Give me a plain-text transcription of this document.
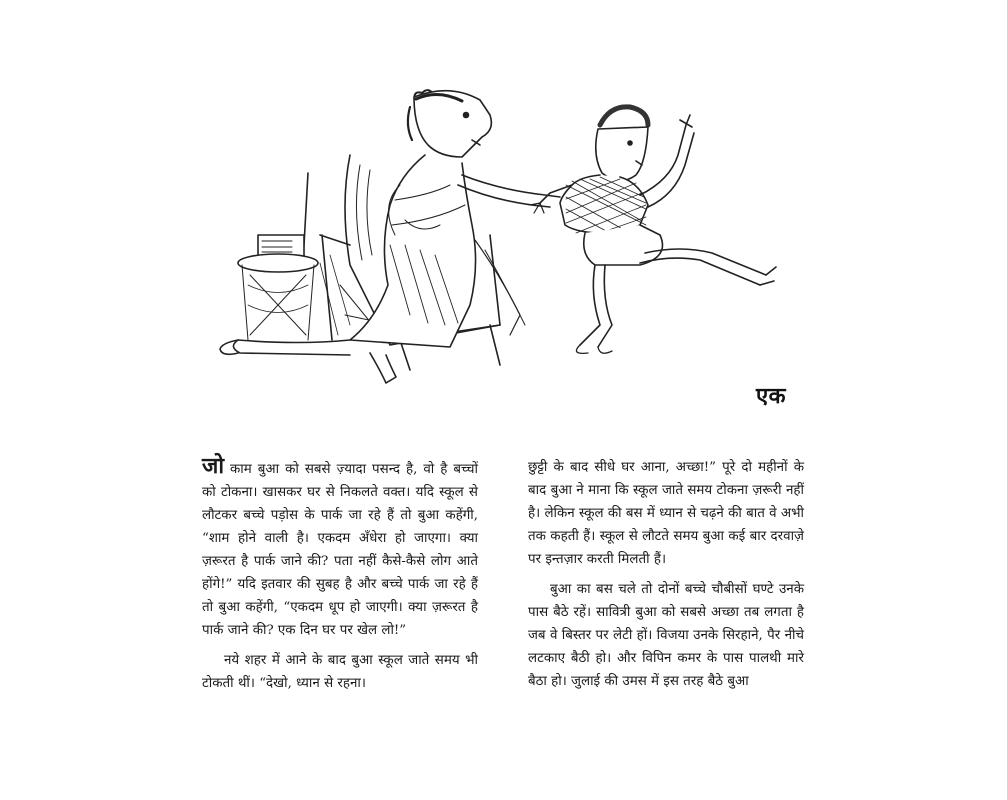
एक

जो काम बुआ को सबसे ज़्यादा पसन्द है, वो है बच्चों को टोकना। खासकर घर से निकलते वक्त। यदि स्कूल से लौटकर बच्चे पड़ोस के पार्क जा रहे हैं तो बुआ कहेंगी, “शाम होने वाली है। एकदम अँधेरा हो जाएगा। क्या ज़रूरत है पार्क जाने की? पता नहीं कैसे-कैसे लोग आते होंगे!” यदि इतवार की सुबह है और बच्चे पार्क जा रहे हैं तो बुआ कहेंगी, “एकदम धूप हो जाएगी। क्या ज़रूरत है पार्क जाने की? एक दिन घर पर खेल लो!”

नये शहर में आने के बाद बुआ स्कूल जाते समय भी टोकती थीं। “देखो, ध्यान से रहना।

छुट्टी के बाद सीधे घर आना, अच्छा!” पूरे दो महीनों के बाद बुआ ने माना कि स्कूल जाते समय टोकना ज़रूरी नहीं है। लेकिन स्कूल की बस में ध्यान से चढ़ने की बात वे अभी तक कहती हैं। स्कूल से लौटते समय बुआ कई बार दरवाज़े पर इन्तज़ार करती मिलती हैं।

बुआ का बस चले तो दोनों बच्चे चौबीसों घण्टे उनके पास बैठे रहें। सावित्री बुआ को सबसे अच्छा तब लगता है जब वे बिस्तर पर लेटी हों। विजया उनके सिरहाने, पैर नीचे लटकाए बैठी हो। और विपिन कमर के पास पालथी मारे बैठा हो। जुलाई की उमस में इस तरह बैठे बुआ
